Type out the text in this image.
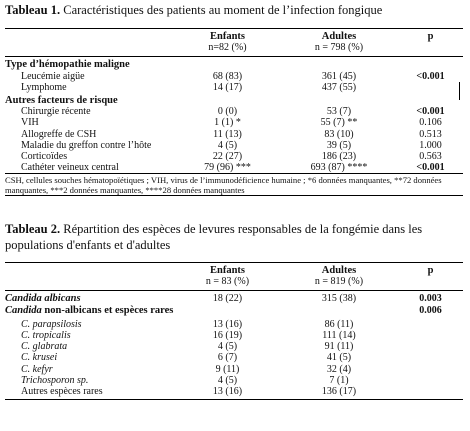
Tableau 1. Caractéristiques des patients au moment de l’infection fongique
	Enfants	Adultes	p
	n=82 (%)	n = 798 (%)	
Type d’hémopathie maligne			
Leucémie aigüe	68 (83)	361 (45)	<0.001
Lymphome	14 (17)	437 (55)	
Autres facteurs de risque			
Chirurgie récente	0 (0)	53 (7)	<0.001
VIH	1 (1) *	55 (7) **	0.106
Allogreffe de CSH	11 (13)	83 (10)	0.513
Maladie du greffon contre l’hôte	4 (5)	39 (5)	1.000
Corticoïdes	22 (27)	186 (23)	0.563
Cathéter veineux central	79 (96) ***	693 (87) ****	<0.001
CSH, cellules souches hématopoïétiques ; VIH, virus de l’immunodéficience humaine ; *6 données manquantes, **72 données manquantes, ***2 données manquantes, ****28 données manquantes			
Tableau 2. Répartition des espèces de levures responsables de la fongémie dans les populations d'enfants et d'adultes
	Enfants	Adultes	p
	n = 83 (%)	n = 819 (%)	
Candida albicans	18 (22)	315 (38)	0.003
Candida non-albicans et espèces rares			0.006
C. parapsilosis	13 (16)	86 (11)	
C. tropicalis	16 (19)	111 (14)	
C. glabrata	4 (5)	91 (11)	
C. krusei	6 (7)	41 (5)	
C. kefyr	9 (11)	32 (4)	
Trichosporon sp.	4 (5)	7 (1)	
Autres espèces rares	13 (16)	136 (17)	
